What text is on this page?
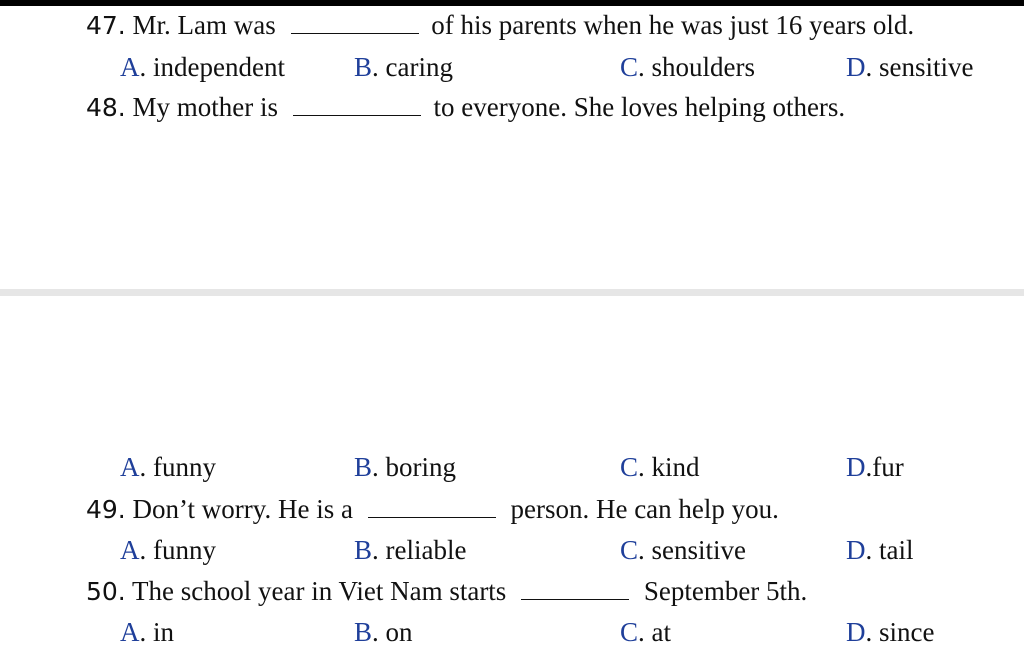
47. Mr. Lam was	of his parents when he was just 16 years old.
A. independent	B. caring	C. shoulders	D. sensitive
48. My mother is	to everyone. She loves helping others.
A. funny	B. boring	C. kind	D.fur
49. Don’t worry. He is a	person. He can help you.
A. funny	B. reliable	C. sensitive	D. tail
50. The school year in Viet Nam starts	September 5th.
A. in	B. on	C. at	D. since
